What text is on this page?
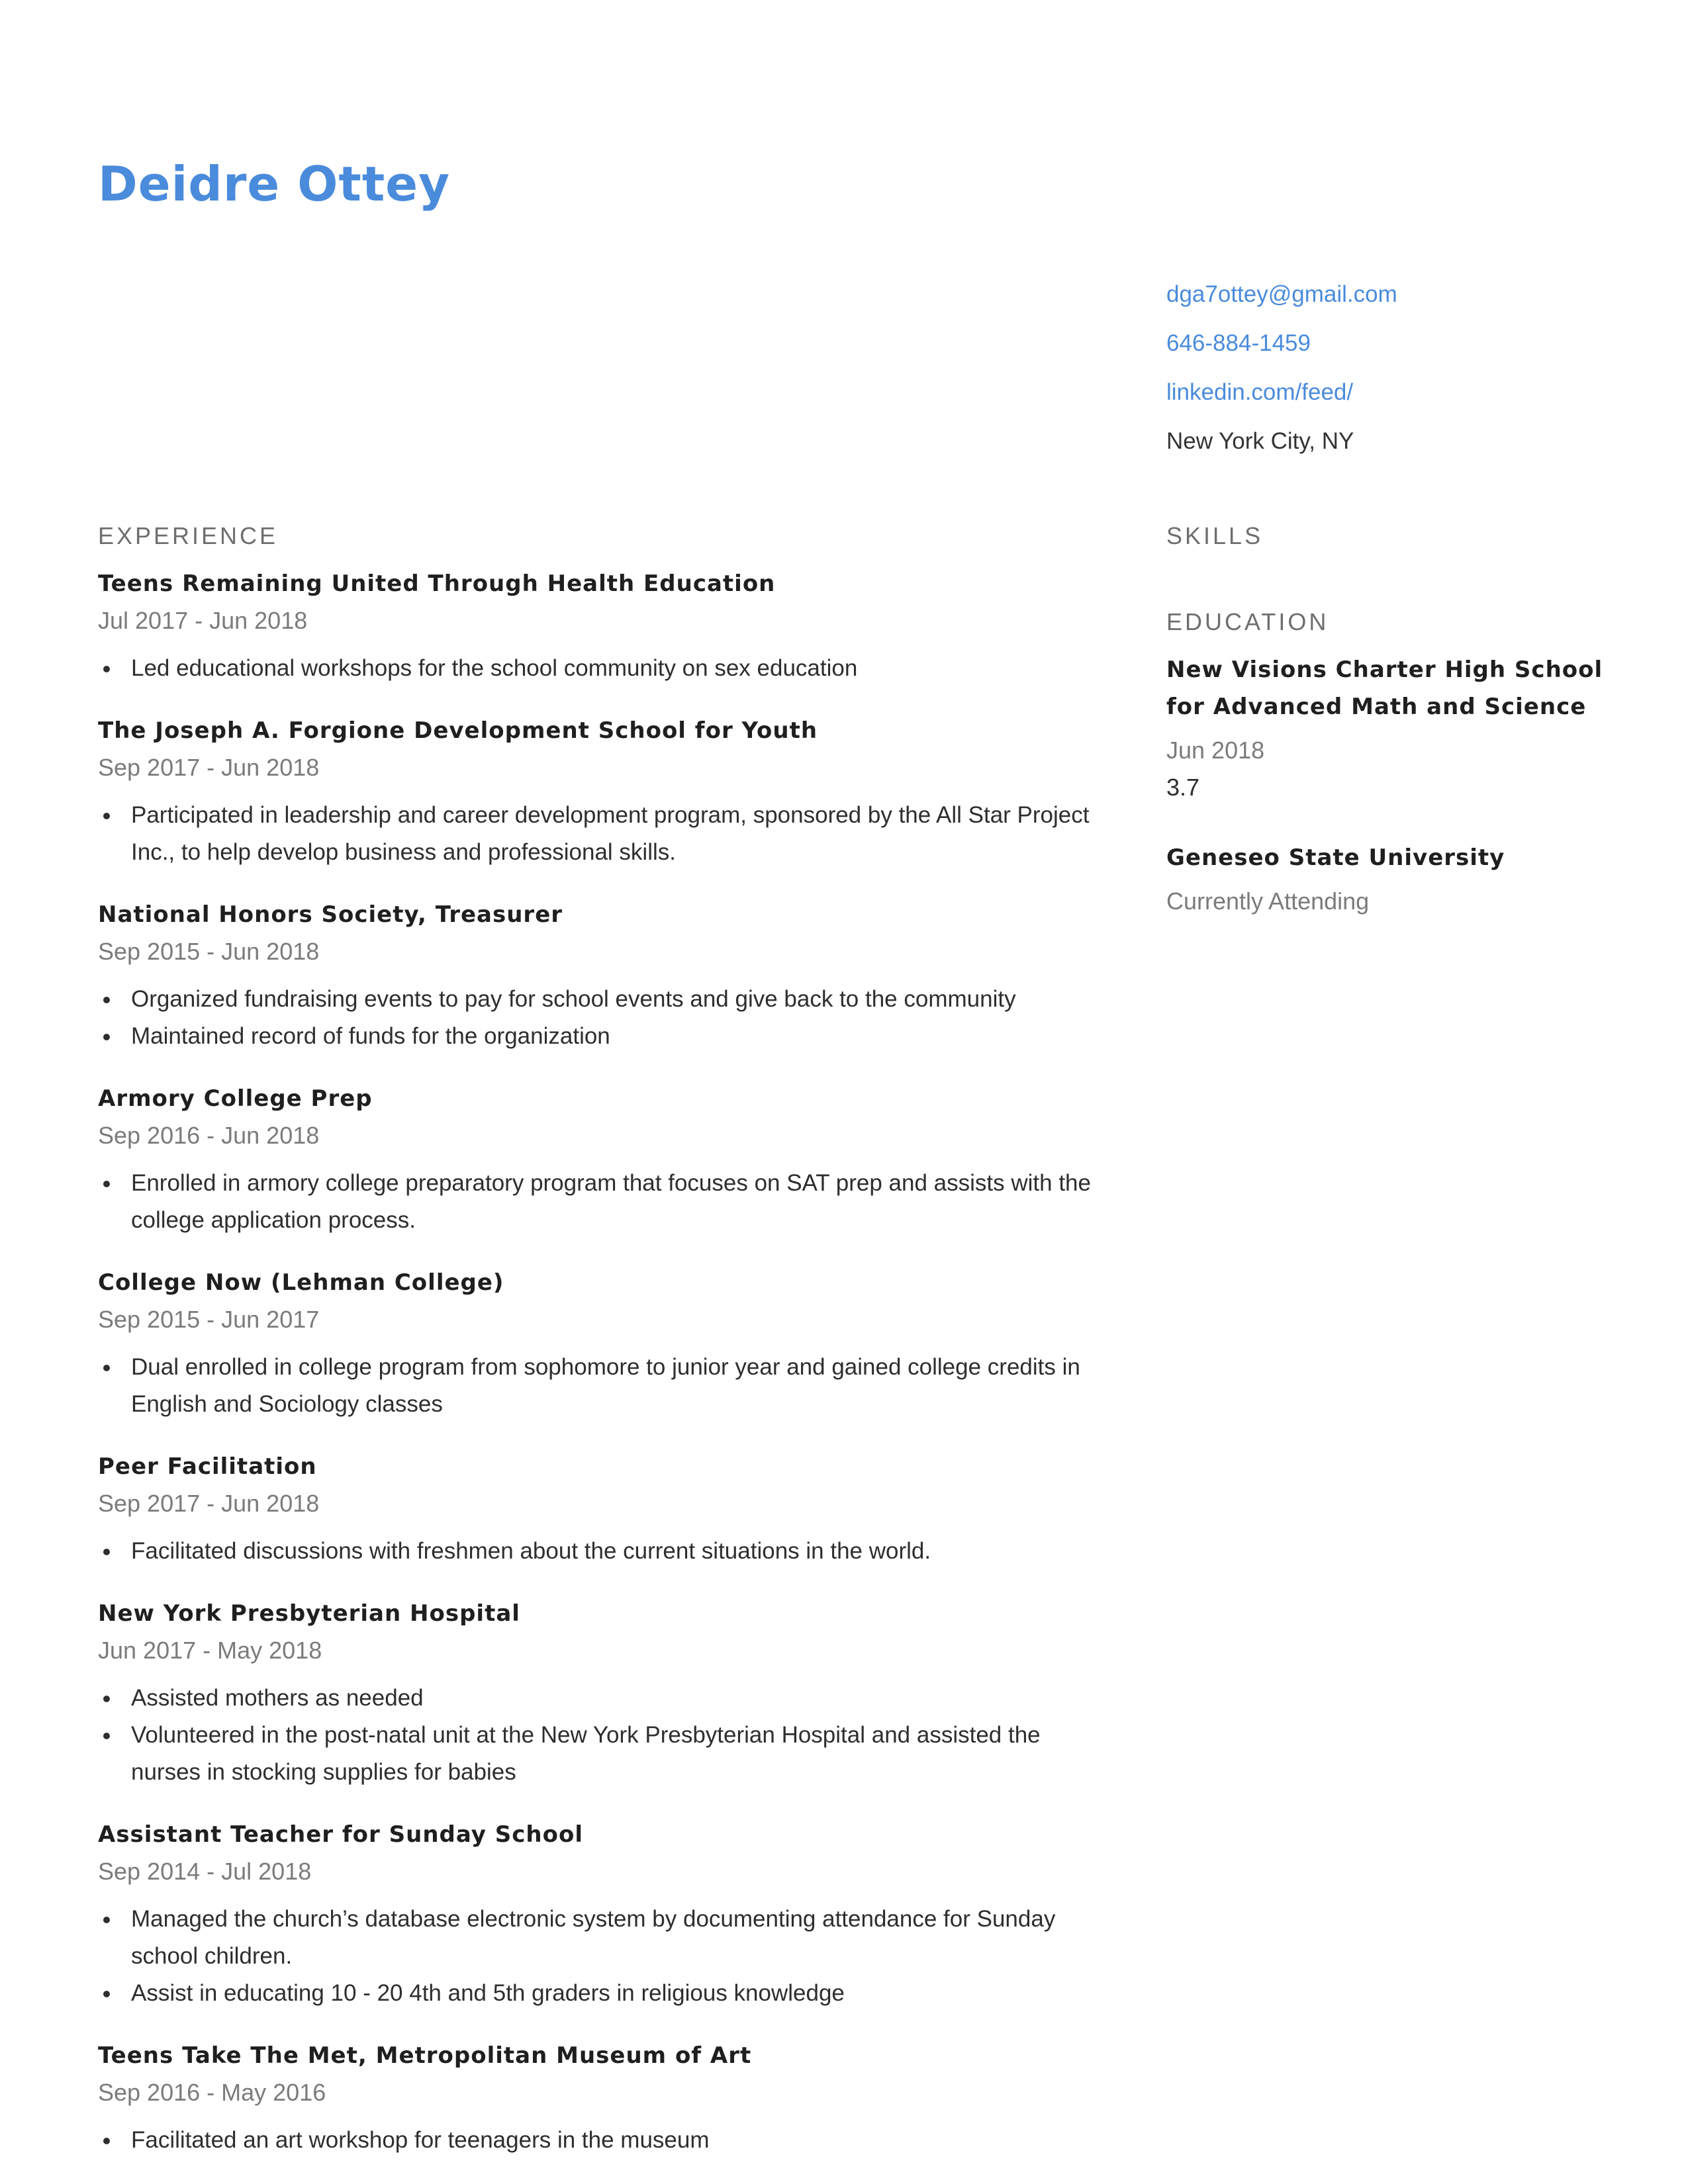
Deidre Ottey
dga7ottey@gmail.com
646-884-1459
linkedin.com/feed/
New York City, NY
EXPERIENCE
Teens Remaining United Through Health Education
Jul 2017 - Jun 2018
Led educational workshops for the school community on sex education
The Joseph A. Forgione Development School for Youth
Sep 2017 - Jun 2018
Participated in leadership and career development program, sponsored by the All Star Project Inc., to help develop business and professional skills.
National Honors Society, Treasurer
Sep 2015 - Jun 2018
Organized fundraising events to pay for school events and give back to the community
Maintained record of funds for the organization
Armory College Prep
Sep 2016 - Jun 2018
Enrolled in armory college preparatory program that focuses on SAT prep and assists with the college application process.
College Now (Lehman College)
Sep 2015 - Jun 2017
Dual enrolled in college program from sophomore to junior year and gained college credits in English and Sociology classes
Peer Facilitation
Sep 2017 - Jun 2018
Facilitated discussions with freshmen about the current situations in the world.
New York Presbyterian Hospital
Jun 2017 - May 2018
Assisted mothers as needed
Volunteered in the post-natal unit at the New York Presbyterian Hospital and assisted the nurses in stocking supplies for babies
Assistant Teacher for Sunday School
Sep 2014 - Jul 2018
Managed the church’s database electronic system by documenting attendance for Sunday school children.
Assist in educating 10 - 20 4th and 5th graders in religious knowledge
Teens Take The Met, Metropolitan Museum of Art
Sep 2016 - May 2016
Facilitated an art workshop for teenagers in the museum
SKILLS
EDUCATION
New Visions Charter High School for Advanced Math and Science
Jun 2018
3.7
Geneseo State University
Currently Attending
